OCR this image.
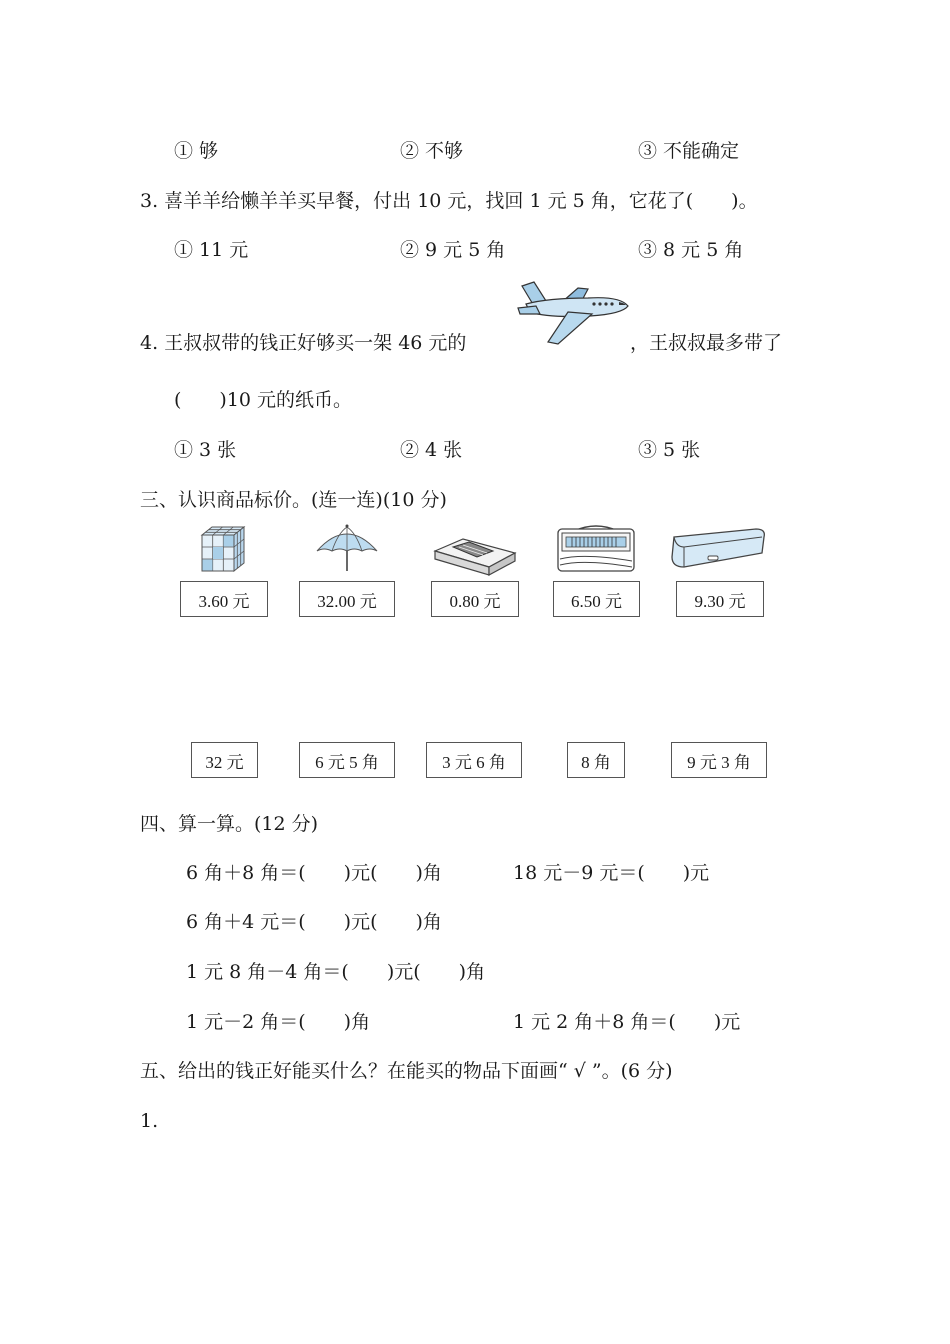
① 够	② 不够	③ 不能确定
3. 喜羊羊给懒羊羊买早餐，付出 10 元，找回 1 元 5 角，它花了(　　)。
① 11 元	② 9 元 5 角	③ 8 元 5 角
4. 王叔叔带的钱正好够买一架 46 元的	，王叔叔最多带了
(　　)10 元的纸币。
① 3 张	② 4 张	③ 5 张
三、认识商品标价。(连一连)(10 分)
3.60 元	32.00 元	0.80 元	6.50 元	9.30 元
32 元	6 元 5 角	3 元 6 角	8 角	9 元 3 角
四、算一算。(12 分)
6 角＋8 角＝(　　)元(　　)角	18 元－9 元＝(　　)元
6 角＋4 元＝(　　)元(　　)角
1 元 8 角－4 角＝(　　)元(　　)角
1 元－2 角＝(　　)角	1 元 2 角＋8 角＝(　　)元
五、给出的钱正好能买什么？在能买的物品下面画“ √ ”。(6 分)
1.
